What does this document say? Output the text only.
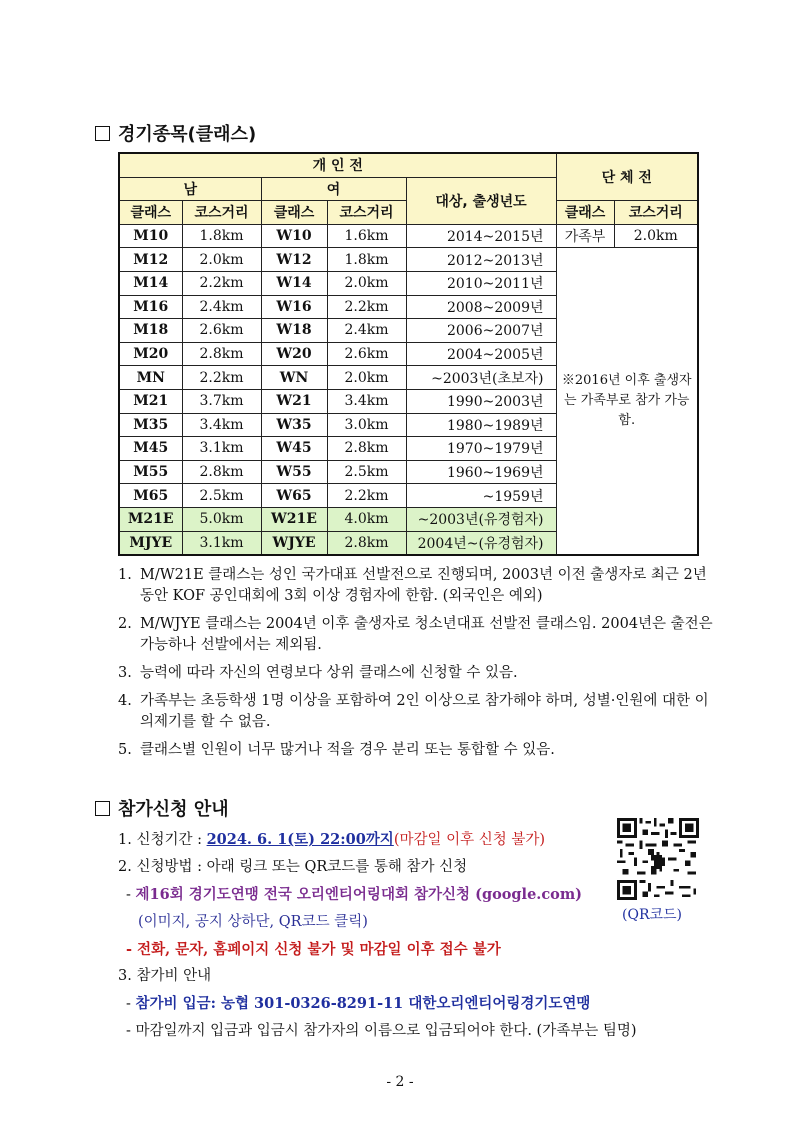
경기종목(클래스)
개 인 전					단 체 전	
남		여		대상, 출생년도		
클래스	코스거리	클래스	코스거리		클래스	코스거리
M10	1.8km	W10	1.6km	2014~2015년	가족부	2.0km
M12	2.0km	W12	1.8km	2012~2013년	※2016년 이후 출생자는 가족부로 참가 가능함.	
M14	2.2km	W14	2.0km	2010~2011년		
M16	2.4km	W16	2.2km	2008~2009년		
M18	2.6km	W18	2.4km	2006~2007년		
M20	2.8km	W20	2.6km	2004~2005년		
MN	2.2km	WN	2.0km	~2003년(초보자)		
M21	3.7km	W21	3.4km	1990~2003년		
M35	3.4km	W35	3.0km	1980~1989년		
M45	3.1km	W45	2.8km	1970~1979년		
M55	2.8km	W55	2.5km	1960~1969년		
M65	2.5km	W65	2.2km	~1959년		
M21E	5.0km	W21E	4.0km	~2003년(유경험자)		
MJYE	3.1km	WJYE	2.8km	2004년~(유경험자)		
1. M/W21E 클래스는 성인 국가대표 선발전으로 진행되며, 2003년 이전 출생자로 최근 2년 동안 KOF 공인대회에 3회 이상 경험자에 한함. (외국인은 예외)
2. M/WJYE 클래스는 2004년 이후 출생자로 청소년대표 선발전 클래스임. 2004년은 출전은 가능하나 선발에서는 제외됨.
3. 능력에 따라 자신의 연령보다 상위 클래스에 신청할 수 있음.
4. 가족부는 초등학생 1명 이상을 포함하여 2인 이상으로 참가해야 하며, 성별·인원에 대한 이의제기를 할 수 없음.
5. 클래스별 인원이 너무 많거나 적을 경우 분리 또는 통합할 수 있음.
참가신청 안내
1. 신청기간 : 2024. 6. 1(토) 22:00까지(마감일 이후 신청 불가)
2. 신청방법 : 아래 링크 또는 QR코드를 통해 참가 신청
- 제16회 경기도연맹 전국 오리엔티어링대회 참가신청 (google.com)
(이미지, 공지 상하단, QR코드 클릭)
- 전화, 문자, 홈페이지 신청 불가 및 마감일 이후 접수 불가
3. 참가비 안내
- 참가비 입금: 농협 301-0326-8291-11 대한오리엔티어링경기도연맹
- 마감일까지 입금과 입금시 참가자의 이름으로 입금되어야 한다. (가족부는 팀명)
(QR코드)
- 2 -
